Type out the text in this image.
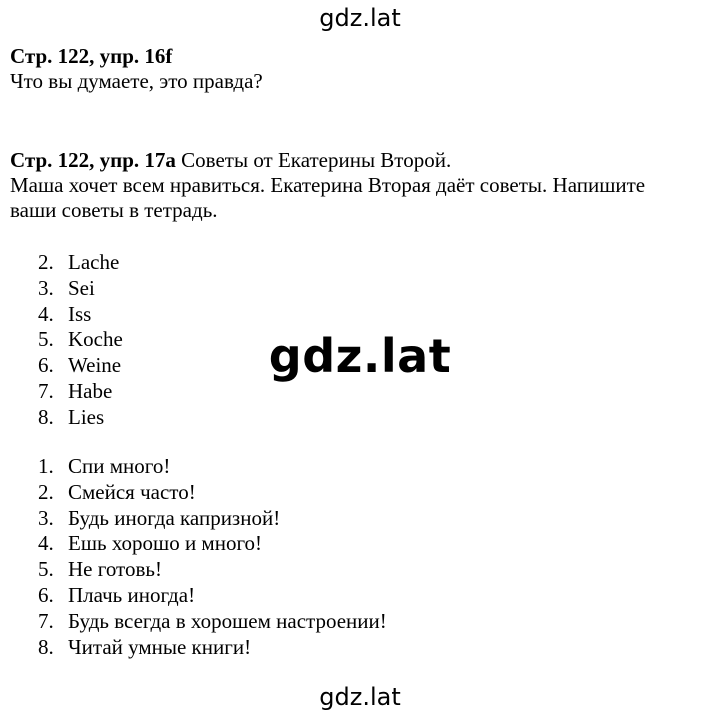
gdz.lat
Стр. 122, упр. 16f
Что вы думаете, это правда?
Стр. 122, упр. 17a Советы от Екатерины Второй.
Маша хочет всем нравиться. Екатерина Вторая даёт советы. Напишите
ваши советы в тетрадь.
2. Lache
3. Sei
4. Iss
5. Koche
6. Weine
7. Habe
8. Lies
gdz.lat
1. Спи много!
2. Смейся часто!
3. Будь иногда капризной!
4. Ешь хорошо и много!
5. Не готовь!
6. Плачь иногда!
7. Будь всегда в хорошем настроении!
8. Читай умные книги!
gdz.lat
